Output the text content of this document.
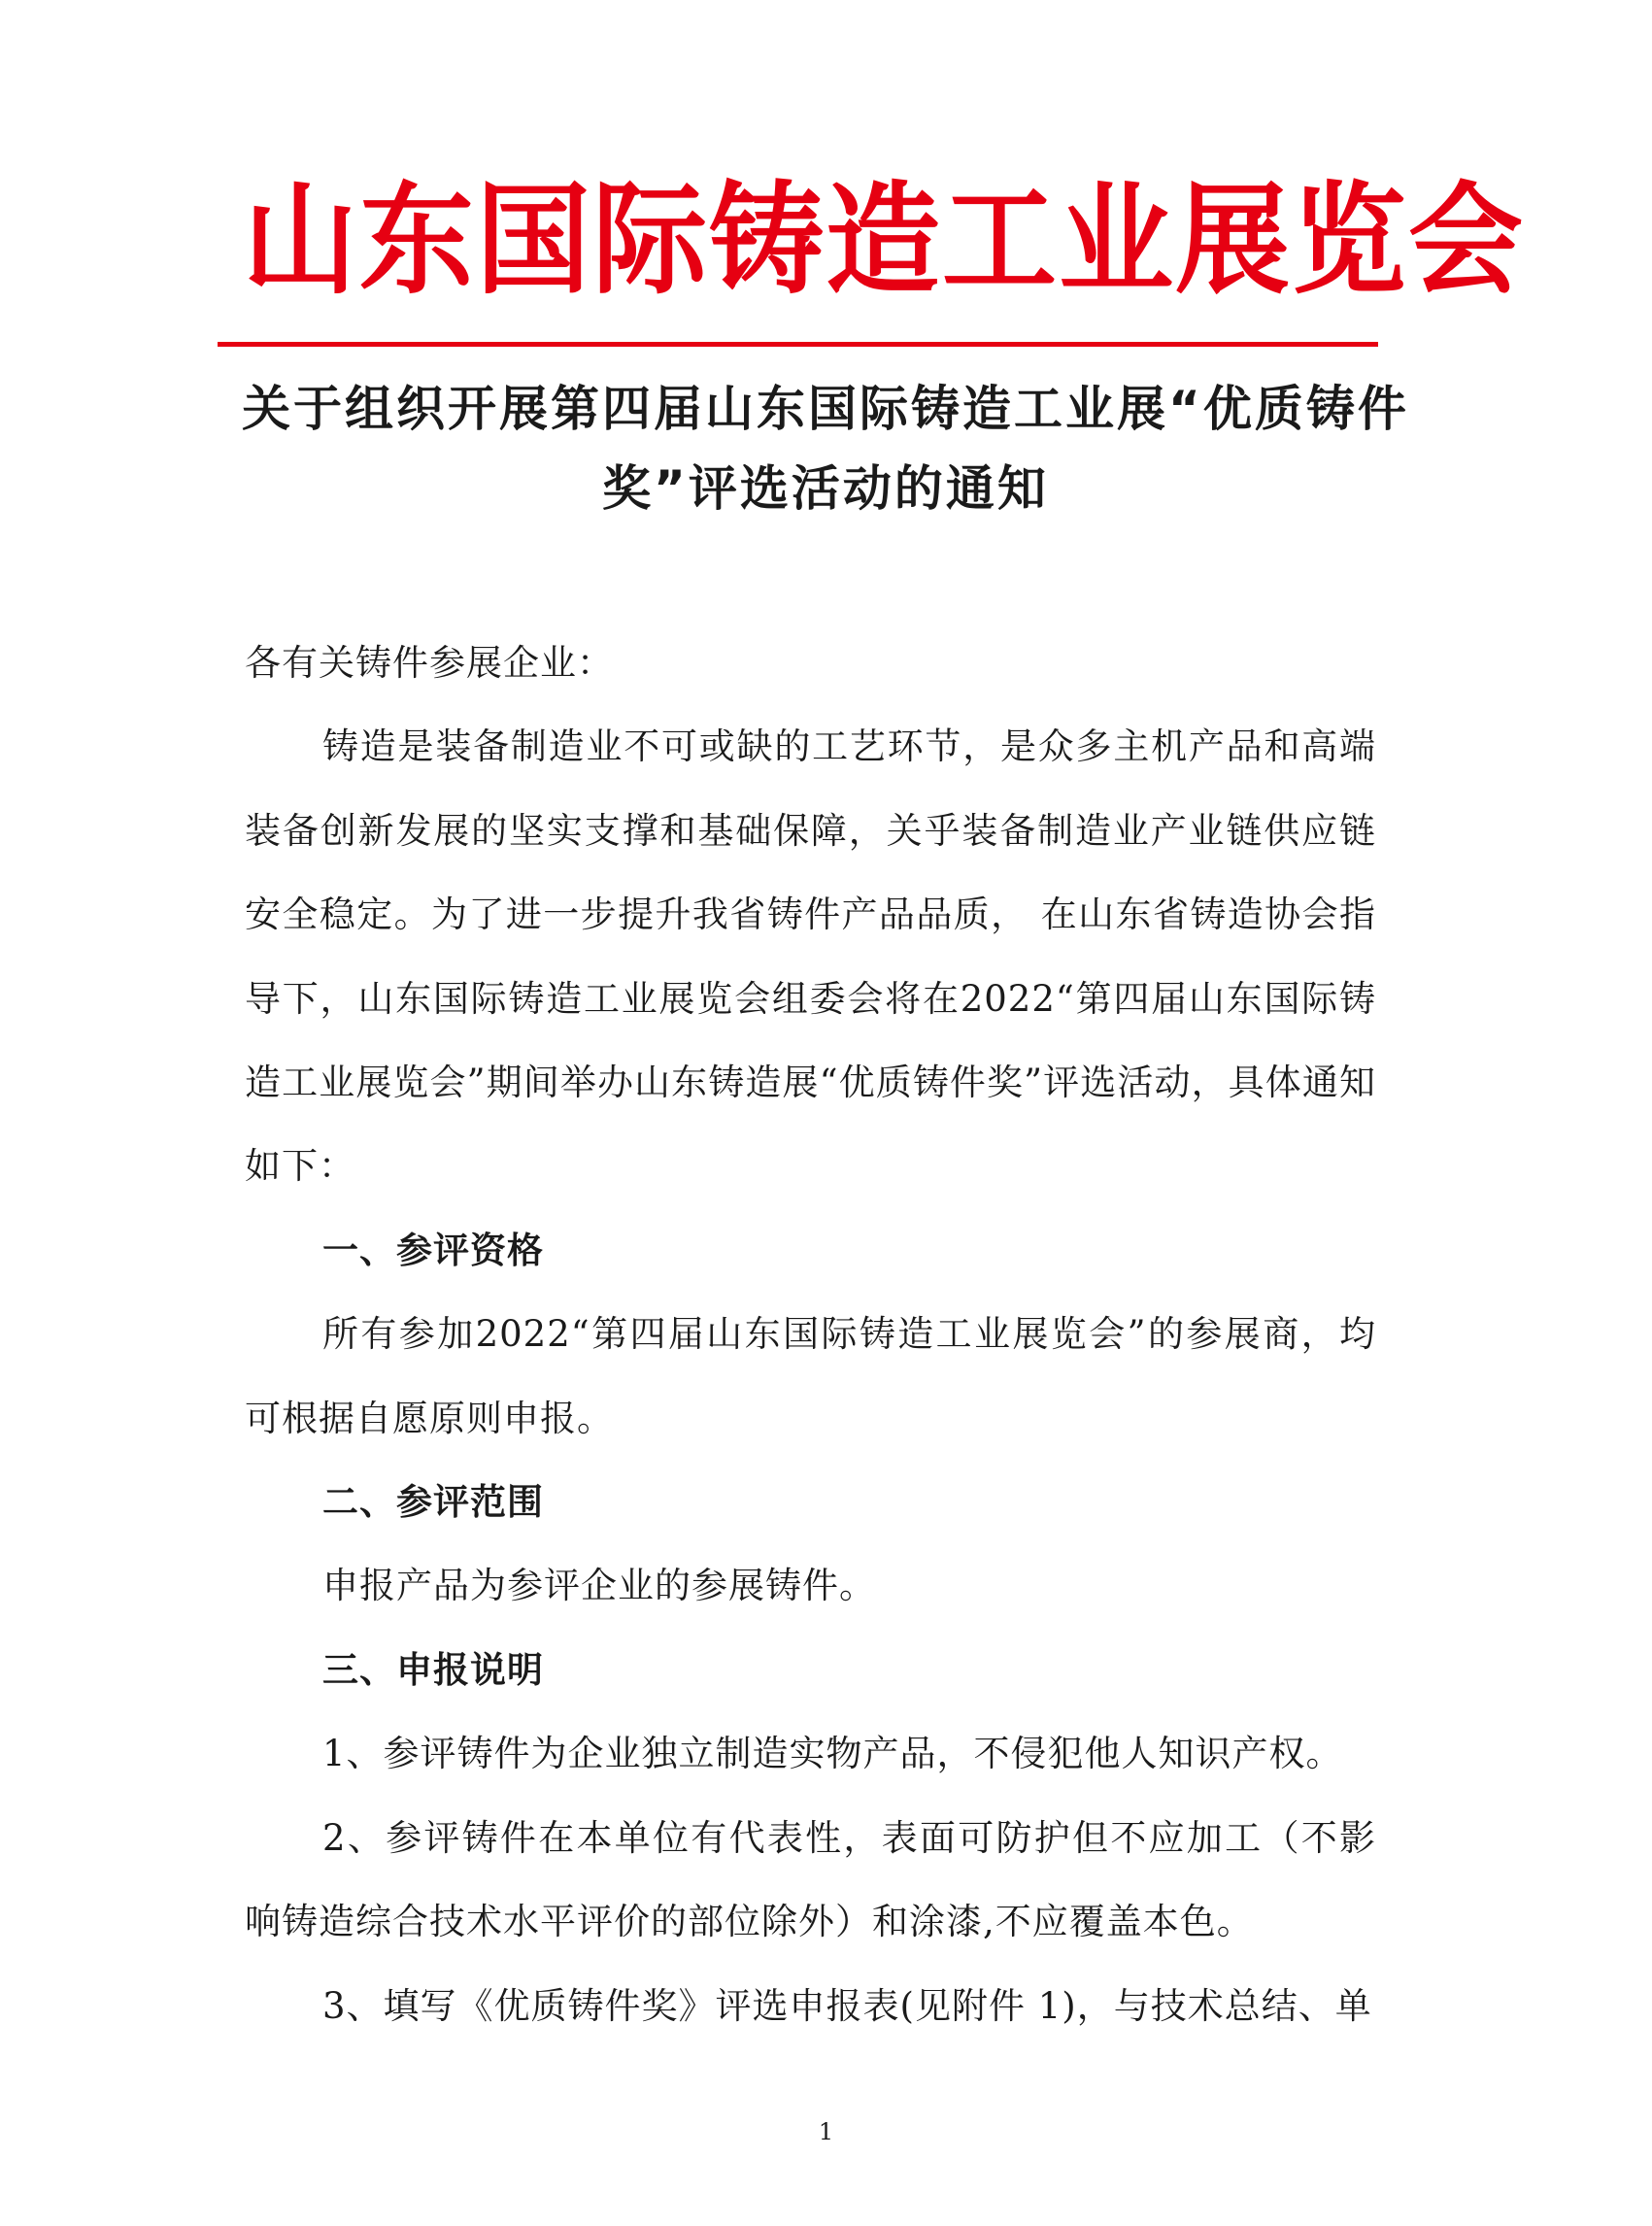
山东国际铸造工业展览会
关于组织开展第四届山东国际铸造工业展“优质铸件
奖”评选活动的通知

各有关铸件参展企业：

铸造是装备制造业不可或缺的工艺环节，是众多主机产品和高端装备创新发展的坚实支撑和基础保障，关乎装备制造业产业链供应链安全稳定。为了进一步提升我省铸件产品品质， 在山东省铸造协会指导下，山东国际铸造工业展览会组委会将在2022“第四届山东国际铸造工业展览会”期间举办山东铸造展“优质铸件奖”评选活动，具体通知如下：

一、参评资格

所有参加2022“第四届山东国际铸造工业展览会”的参展商，均可根据自愿原则申报。

二、参评范围

申报产品为参评企业的参展铸件。

三、申报说明

1、参评铸件为企业独立制造实物产品，不侵犯他人知识产权。

2、参评铸件在本单位有代表性，表面可防护但不应加工（不影响铸造综合技术水平评价的部位除外）和涂漆,不应覆盖本色。

3、填写《优质铸件奖》评选申报表(见附件 1)，与技术总结、单

1
